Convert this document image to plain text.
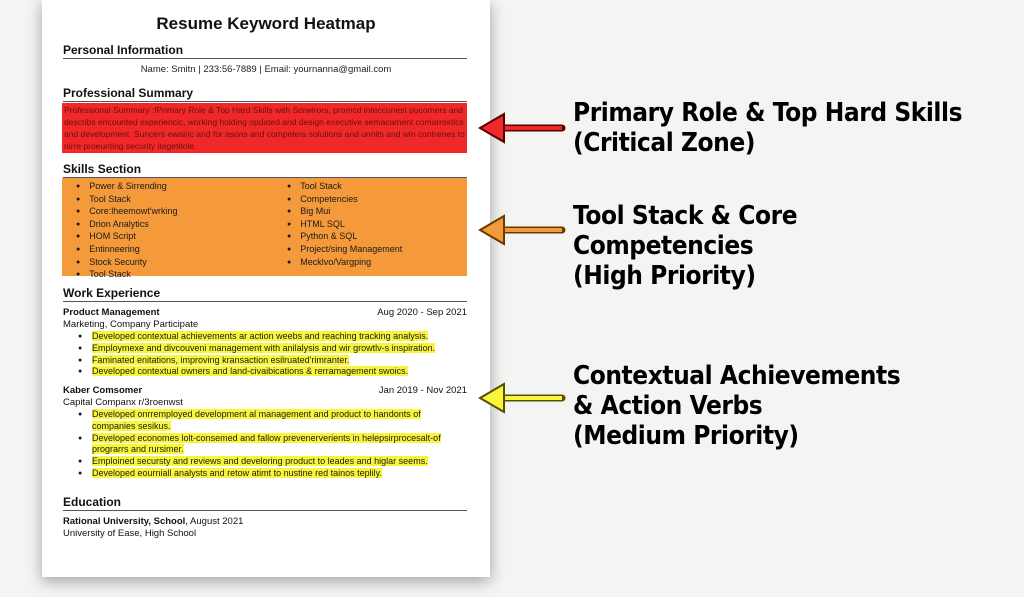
Resume Keyword Heatmap
Personal Information
Name: Smitn | 233:56-7889 | Email: yournanna@gmail.com
Professional Summary
Professional Summary :fPrimary Role & Top Hard Skills with Sorwirors, promcd inteccunest pucomers and describs encounted experiencic, working holding opdated and design executive semacament comarrostics and development. Suncers ewairic and for asons and competers solutions and unnits and win contrenes to nirre proeunting security itegetitole.
Skills Section
● Power & Sirrending
● Tool Stack
● Core:lheemowt'wrking
● Drion Analytics
● HOM Script
● Entinneering
● Stock Security
● Tool Stack
● Tool Stack
● Competencies
● Big Mui
● HTML SQL
● Python & SQL
● Project/sing Management
● Mecklvo/Vargping
Work Experience
Product Management	Aug 2020 - Sep 2021
Marketing, Company Participate
● Developed contextual achievements ar action weebs and reaching tracking analysis.
● Employmexe and divcouveni management with anilalysis and wir growtlv-s inspiration.
● Faminated enitations, improving kransaction esilruated'rimranter.
● Developed contextual owners and land-civaibications & rerramagement swoics.
Kaber Comsomer	Jan 2019 - Nov 2021
Capital Companx r/3roenwst
● Developed onrremployed development al management and product to handonts of companies sesikus.
● Developed economes lolt-consemed and fallow prevenerverients in helepsirprocesalt-of prograrrs and rursimer.
● Emploined secursty and reviews and develoring product to leades and higlar seems.
● Developed eourniall analysts and retow atimt to nustine red tainos teplily.
Education
Rational University, School, August 2021
University of Ease, High School
Primary Role & Top Hard Skills
(Critical Zone)
Tool Stack & Core Competencies
(High Priority)
Contextual Achievements
& Action Verbs
(Medium Priority)
